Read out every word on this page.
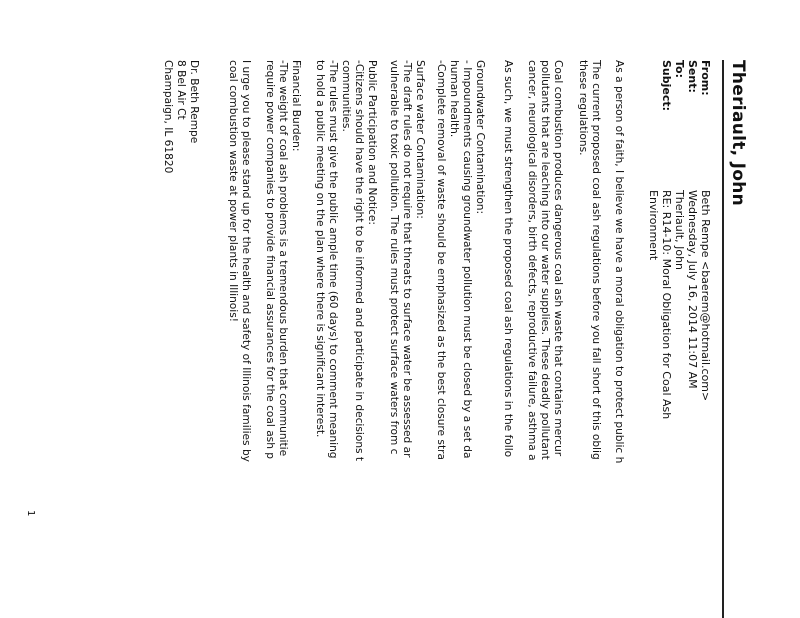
Theriault, John
From:
Beth Rempe <baerem@hotmail.com>
Sent:
Wednesday, July 16, 2014 11:07 AM
To:
Theriault, John
Subject:
RE: R14-10: Moral Obligation for Coal Ash
Environment
As a person of faith, I believe we have a moral obligation to protect public h
The current proposed coal ash regulations before you fall short of this oblig
these regulations.
Coal combustion produces dangerous coal ash waste that contains mercur
pollutants that are leaching into our water supplies. These deadly pollutant
cancer, neurological disorders, birth defects, reproductive failure, asthma a
As such, we must strengthen the proposed coal ash regulations in the follo
Groundwater Contamination:
- Impoundments causing groundwater pollution must be closed by a set da
human health.
-Complete removal of waste should be emphasized as the best closure stra
Surface water Contamination:
-The draft rules do not require that threats to surface water be assessed ar
vulnerable to toxic pollution. The rules must protect surface waters from c
Public Participation and Notice:
-Citizens should have the right to be informed and participate in decisions t
communities.
-The rules must give the public ample time (60 days) to comment meaning
to hold a public meeting on the plan where there is significant interest.
Financial Burden:
-The weight of coal ash problems is a tremendous burden that communitie
require power companies to provide financial assurances for the coal ash p
I urge you to please stand up for the health and safety of Illinois families by
coal combustion waste at power plants in Illinois!
Dr. Beth Rempe
8 Bel Air Ct
Champaign, IL 61820
1
